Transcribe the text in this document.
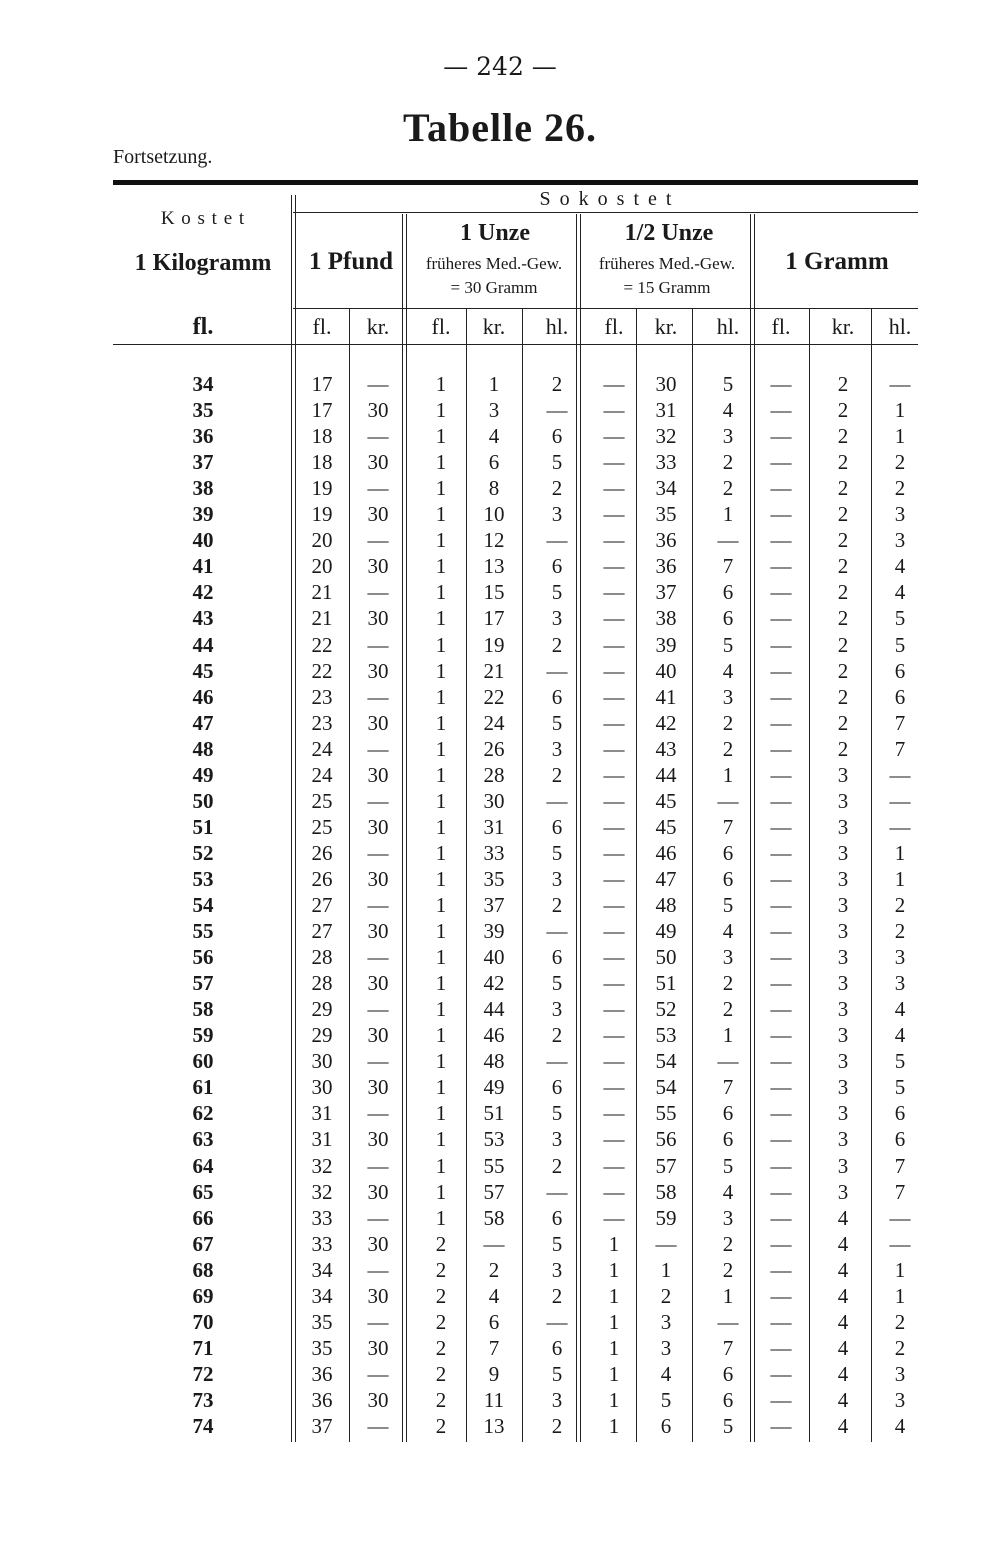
— 242 —
Tabelle 26.
Fortsetzung.
S o k o s t e t
K o s t e t
1 Kilogramm	1 Pfund
1 Unze
früheres Med.-Gew.
= 30 Gramm
1/2 Unze
früheres Med.-Gew.
= 15 Gramm
1 Gramm
fl.	fl.	kr.	fl.	kr.	hl.	fl.	kr.	hl.	fl.	kr.	hl.
34	17	—	1	1	2	—	30	5	—	2	—
35	17	30	1	3	—	—	31	4	—	2	1
36	18	—	1	4	6	—	32	3	—	2	1
37	18	30	1	6	5	—	33	2	—	2	2
38	19	—	1	8	2	—	34	2	—	2	2
39	19	30	1	10	3	—	35	1	—	2	3
40	20	—	1	12	—	—	36	—	—	2	3
41	20	30	1	13	6	—	36	7	—	2	4
42	21	—	1	15	5	—	37	6	—	2	4
43	21	30	1	17	3	—	38	6	—	2	5
44	22	—	1	19	2	—	39	5	—	2	5
45	22	30	1	21	—	—	40	4	—	2	6
46	23	—	1	22	6	—	41	3	—	2	6
47	23	30	1	24	5	—	42	2	—	2	7
48	24	—	1	26	3	—	43	2	—	2	7
49	24	30	1	28	2	—	44	1	—	3	—
50	25	—	1	30	—	—	45	—	—	3	—
51	25	30	1	31	6	—	45	7	—	3	—
52	26	—	1	33	5	—	46	6	—	3	1
53	26	30	1	35	3	—	47	6	—	3	1
54	27	—	1	37	2	—	48	5	—	3	2
55	27	30	1	39	—	—	49	4	—	3	2
56	28	—	1	40	6	—	50	3	—	3	3
57	28	30	1	42	5	—	51	2	—	3	3
58	29	—	1	44	3	—	52	2	—	3	4
59	29	30	1	46	2	—	53	1	—	3	4
60	30	—	1	48	—	—	54	—	—	3	5
61	30	30	1	49	6	—	54	7	—	3	5
62	31	—	1	51	5	—	55	6	—	3	6
63	31	30	1	53	3	—	56	6	—	3	6
64	32	—	1	55	2	—	57	5	—	3	7
65	32	30	1	57	—	—	58	4	—	3	7
66	33	—	1	58	6	—	59	3	—	4	—
67	33	30	2	—	5	1	—	2	—	4	—
68	34	—	2	2	3	1	1	2	—	4	1
69	34	30	2	4	2	1	2	1	—	4	1
70	35	—	2	6	—	1	3	—	—	4	2
71	35	30	2	7	6	1	3	7	—	4	2
72	36	—	2	9	5	1	4	6	—	4	3
73	36	30	2	11	3	1	5	6	—	4	3
74	37	—	2	13	2	1	6	5	—	4	4
